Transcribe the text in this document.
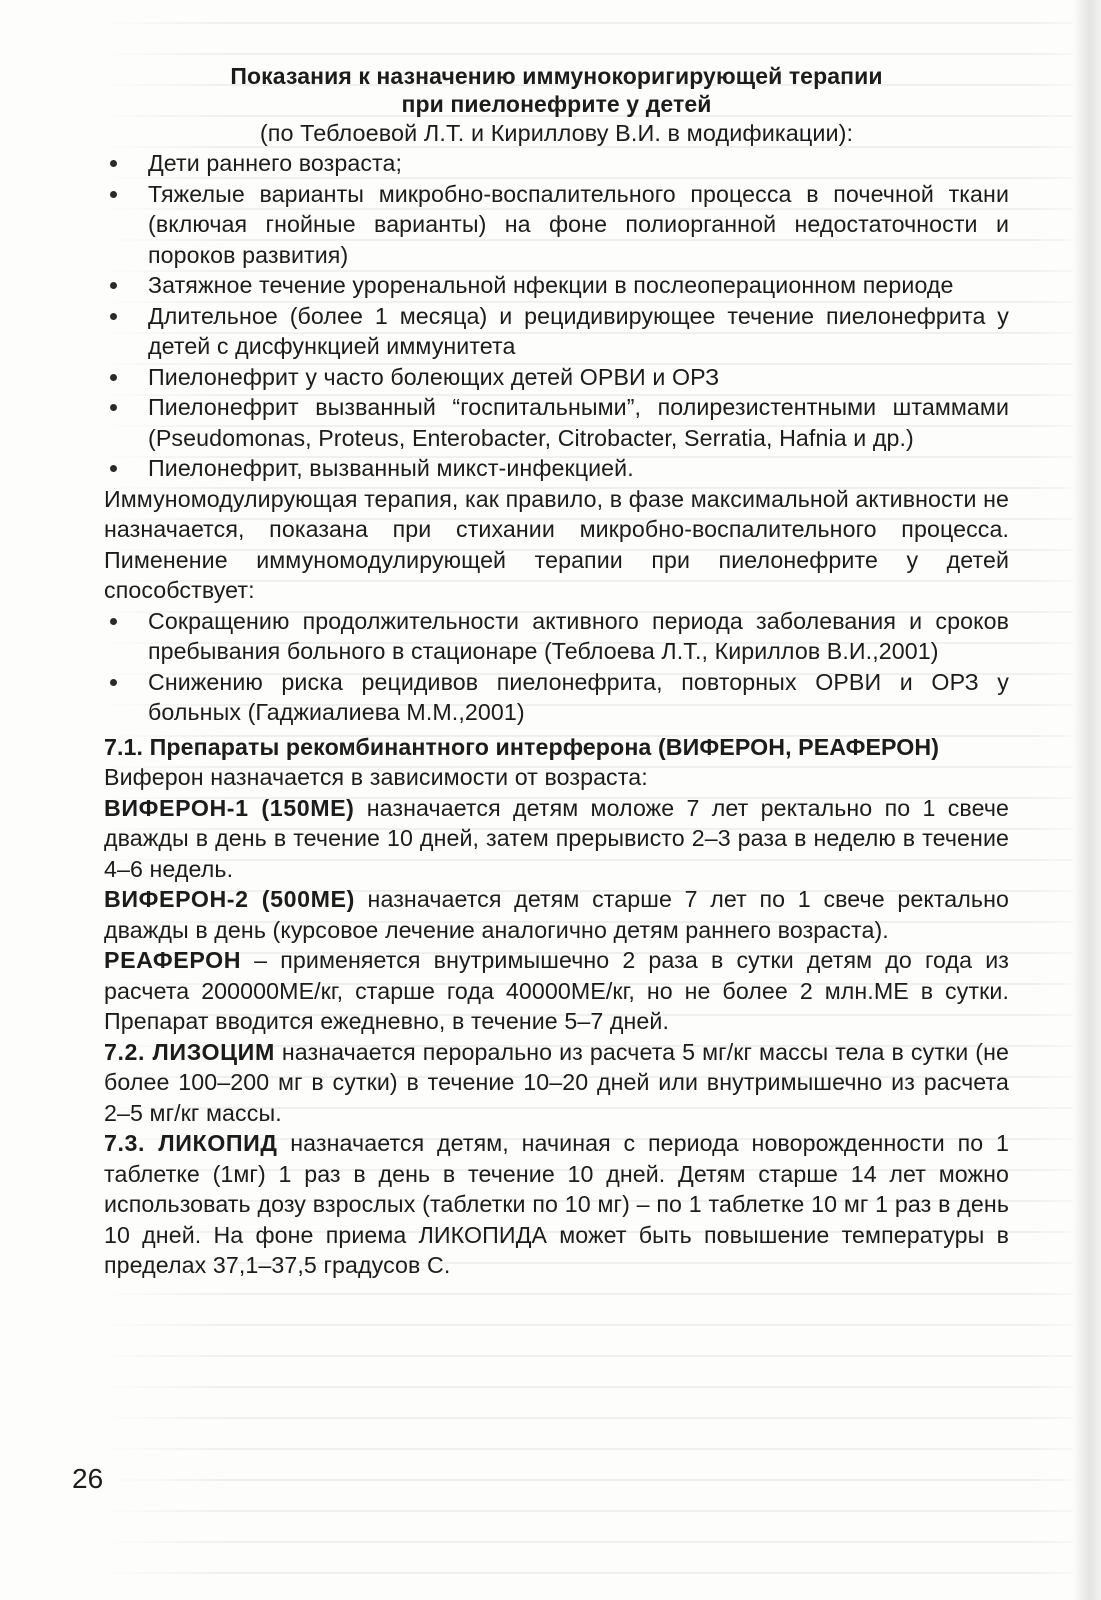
Показания к назначению иммунокоригирующей терапии
при пиелонефрите у детей
(по Теблоевой Л.Т. и Кириллову В.И. в модификации):
Дети раннего возраста;
Тяжелые варианты микробно-воспалительного процесса в почечной ткани (включая гнойные варианты) на фоне полиорганной недостаточности и пороков развития)
Затяжное течение уроренальной нфекции в послеоперационном периоде
Длительное (более 1 месяца) и рецидивирующее течение пиелонефрита у детей с дисфункцией иммунитета
Пиелонефрит у часто болеющих детей ОРВИ и ОРЗ
Пиелонефрит вызванный “госпитальными”, полирезистентными штаммами (Pseudomonas, Proteus, Enterobacter, Citrobacter, Serratia, Hafnia и др.)
Пиелонефрит, вызванный микст-инфекцией.

Иммуномодулирующая терапия, как правило, в фазе максимальной активности не назначается, показана при стихании микробно-воспалительного процесса. Пименение иммуномодулирующей терапии при пиелонефрите у детей способствует:

Сокращению продолжительности активного периода заболевания и сроков пребывания больного в стационаре (Теблоева Л.Т., Кириллов В.И.,2001)
Снижению риска рецидивов пиелонефрита, повторных ОРВИ и ОРЗ у больных (Гаджиалиева М.М.,2001)
7.1. Препараты рекомбинантного интерферона (ВИФЕРОН, РЕАФЕРОН)

Виферон назначается в зависимости от возраста:

ВИФЕРОН-1 (150МЕ) назначается детям моложе 7 лет ректально по 1 свече дважды в день в течение 10 дней, затем прерывисто 2–3 раза в неделю в течение 4–6 недель.

ВИФЕРОН-2 (500МЕ) назначается детям старше 7 лет по 1 свече ректально дважды в день (курсовое лечение аналогично детям раннего возраста).

РЕАФЕРОН – применяется внутримышечно 2 раза в сутки детям до года из расчета 200000МЕ/кг, старше года 40000МЕ/кг, но не более 2 млн.МЕ в сутки. Препарат вводится ежедневно, в течение 5–7 дней.

7.2. ЛИЗОЦИМ назначается перорально из расчета 5 мг/кг массы тела в сутки (не более 100–200 мг в сутки) в течение 10–20 дней или внутримышечно из расчета 2–5 мг/кг массы.

7.3. ЛИКОПИД назначается детям, начиная с периода новорожденности по 1 таблетке (1мг) 1 раз в день в течение 10 дней. Детям старше 14 лет можно использовать дозу взрослых (таблетки по 10 мг) – по 1 таблетке 10 мг 1 раз в день 10 дней. На фоне приема ЛИКОПИДА может быть повышение температуры в пределах 37,1–37,5 градусов С.

26
